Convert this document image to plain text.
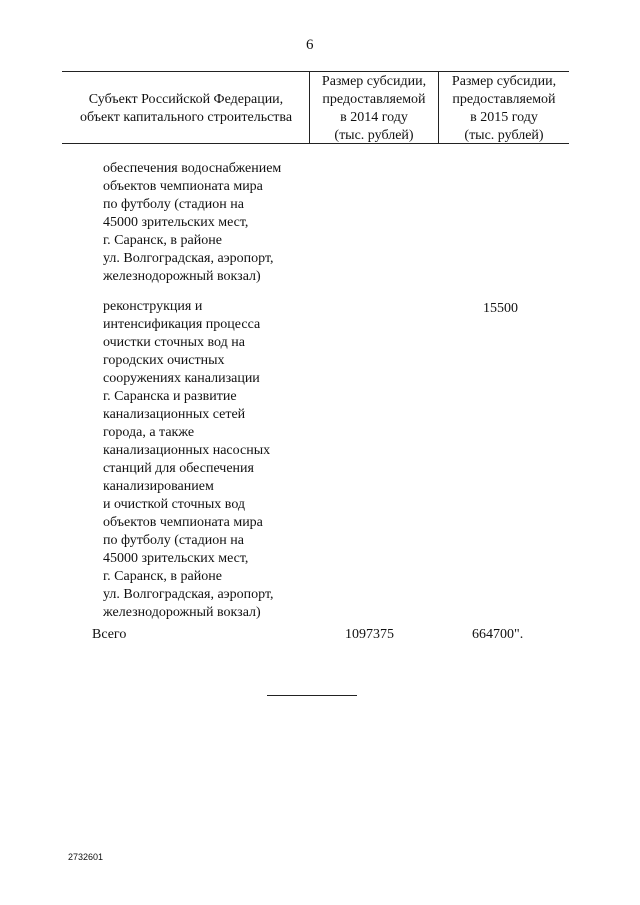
6
Субъект Российской Федерации,
объект капитального строительства
Размер субсидии,
предоставляемой
в 2014 году
(тыс. рублей)
Размер субсидии,
предоставляемой
в 2015 году
(тыс. рублей)
обеспечения водоснабжением
объектов чемпионата мира
по футболу (стадион на
45000 зрительских мест,
г. Саранск, в районе
ул. Волгоградская, аэропорт,
железнодорожный вокзал)
реконструкция и
интенсификация процесса
очистки сточных вод на
городских очистных
сооружениях канализации
г. Саранска и развитие
канализационных сетей
города, а также
канализационных насосных
станций для обеспечения
канализированием
и очисткой сточных вод
объектов чемпионата мира
по футболу (стадион на
45000 зрительских мест,
г. Саранск, в районе
ул. Волгоградская, аэропорт,
железнодорожный вокзал)
15500
Всего	1097375	664700".
2732601
